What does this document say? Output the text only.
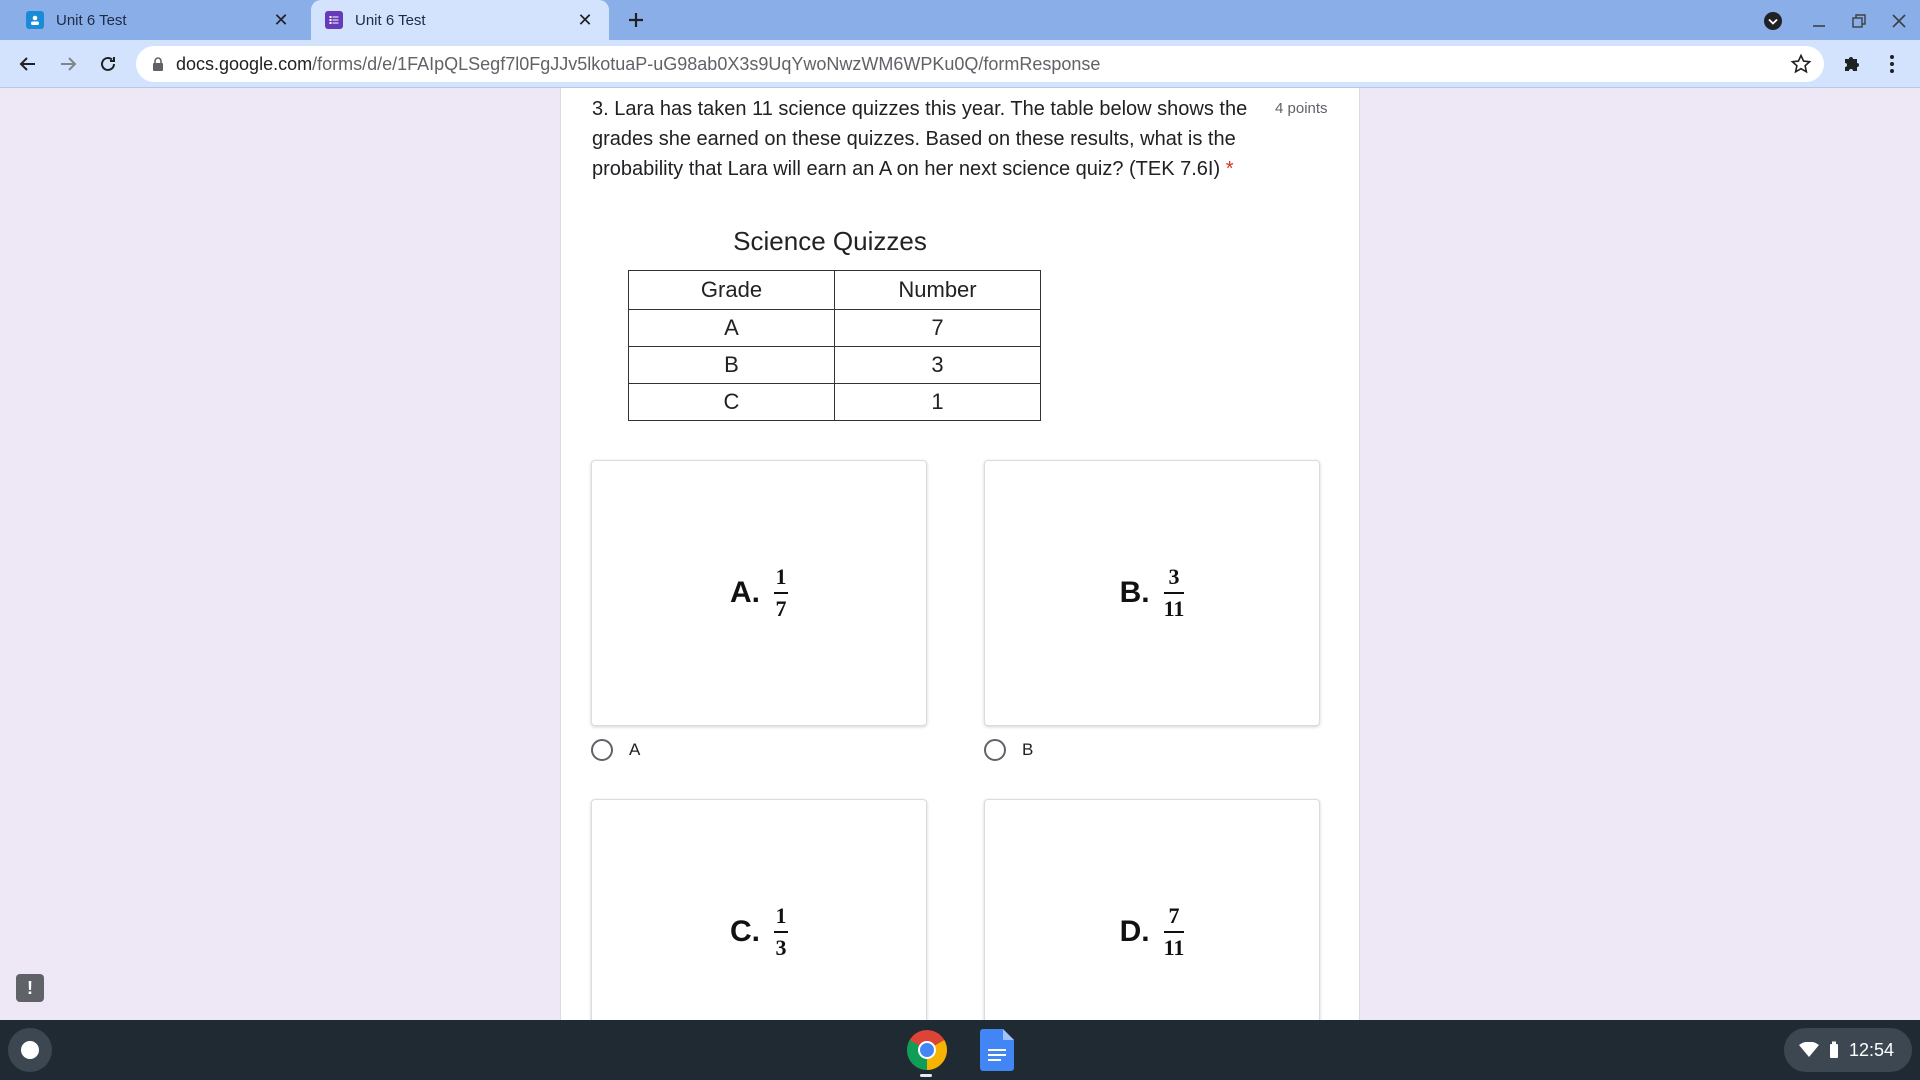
Unit 6 Test	✕	Unit 6 Test	✕
docs.google.com /forms/d/e/1FAIpQLSegf7l0FgJJv5lkotuaP-uG98ab0X3s9UqYwoNwzWM6WPKu0Q/formResponse
3. Lara has taken 11 science quizzes this year. The table below shows the grades she earned on these quizzes. Based on these results, what is the probability that Lara will earn an A on her next science quiz? (TEK 7.6I) *
4 points
Science Quizzes
Grade	Number
A	7
B	3
C	1
A. $\frac{1}{7}$
A
B. $\frac{3}{11}$
B
C. $\frac{1}{3}$	D. $\frac{7}{11}$
!
12:54
